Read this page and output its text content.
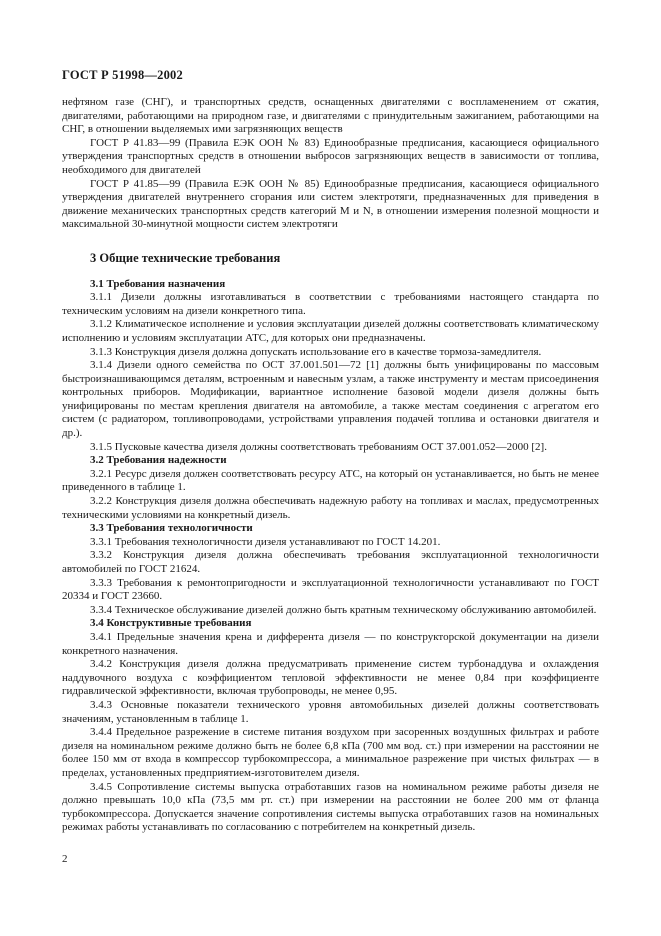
ГОСТ Р 51998—2002

нефтяном газе (СНГ), и транспортных средств, оснащенных двигателями с воспламенением от сжатия, двигателями, работающими на природном газе, и двигателями с принудительным зажиганием, работающими на СНГ, в отношении выделяемых ими загрязняющих веществ

ГОСТ Р 41.83—99 (Правила ЕЭК ООН № 83) Единообразные предписания, касающиеся официального утверждения транспортных средств в отношении выбросов загрязняющих веществ в зависимости от топлива, необходимого для двигателей

ГОСТ Р 41.85—99 (Правила ЕЭК ООН № 85) Единообразные предписания, касающиеся официального утверждения двигателей внутреннего сгорания или систем электротяги, предназначенных для приведения в движение механических транспортных средств категорий M и N, в отношении измерения полезной мощности и максимальной 30-минутной мощности систем электротяги

3 Общие технические требования

3.1 Требования назначения

3.1.1 Дизели должны изготавливаться в соответствии с требованиями настоящего стандарта по техническим условиям на дизели конкретного типа.

3.1.2 Климатическое исполнение и условия эксплуатации дизелей должны соответствовать климатическому исполнению и условиям эксплуатации АТС, для которых они предназначены.

3.1.3 Конструкция дизеля должна допускать использование его в качестве тормоза-замедлителя.

3.1.4 Дизели одного семейства по ОСТ 37.001.501—72 [1] должны быть унифицированы по массовым быстроизнашивающимся деталям, встроенным и навесным узлам, а также инструменту и местам присоединения контрольных приборов. Модификации, вариантное исполнение базовой модели дизеля должны быть унифицированы по местам крепления двигателя на автомобиле, а также местам соединения с агрегатом его систем (с радиатором, топливопроводами, устройствами управления подачей топлива и остановки двигателя и др.).

3.1.5 Пусковые качества дизеля должны соответствовать требованиям ОСТ 37.001.052—2000 [2].

3.2 Требования надежности

3.2.1 Ресурс дизеля должен соответствовать ресурсу АТС, на который он устанавливается, но быть не менее приведенного в таблице 1.

3.2.2 Конструкция дизеля должна обеспечивать надежную работу на топливах и маслах, предусмотренных техническими условиями на конкретный дизель.

3.3 Требования технологичности

3.3.1 Требования технологичности дизеля устанавливают по ГОСТ 14.201.

3.3.2 Конструкция дизеля должна обеспечивать требования эксплуатационной технологичности автомобилей по ГОСТ 21624.

3.3.3 Требования к ремонтопригодности и эксплуатационной технологичности устанавливают по ГОСТ 20334 и ГОСТ 23660.

3.3.4 Техническое обслуживание дизелей должно быть кратным техническому обслуживанию автомобилей.

3.4 Конструктивные требования

3.4.1 Предельные значения крена и дифферента дизеля — по конструкторской документации на дизели конкретного назначения.

3.4.2 Конструкция дизеля должна предусматривать применение систем турбонаддува и охлаждения наддувочного воздуха с коэффициентом тепловой эффективности не менее 0,84 при коэффициенте гидравлической эффективности, включая трубопроводы, не менее 0,95.

3.4.3 Основные показатели технического уровня автомобильных дизелей должны соответствовать значениям, установленным в таблице 1.

3.4.4 Предельное разрежение в системе питания воздухом при засоренных воздушных фильтрах и работе дизеля на номинальном режиме должно быть не более 6,8 кПа (700 мм вод. ст.) при измерении на расстоянии не более 150 мм от входа в компрессор турбокомпрессора, а минимальное разрежение при чистых фильтрах — в пределах, установленных предприятием-изготовителем дизеля.

3.4.5 Сопротивление системы выпуска отработавших газов на номинальном режиме работы дизеля не должно превышать 10,0 кПа (73,5 мм рт. ст.) при измерении на расстоянии не более 200 мм от фланца турбокомпрессора. Допускается значение сопротивления системы выпуска отработавших газов на номинальных режимах работы устанавливать по согласованию с потребителем на конкретный дизель.

2
